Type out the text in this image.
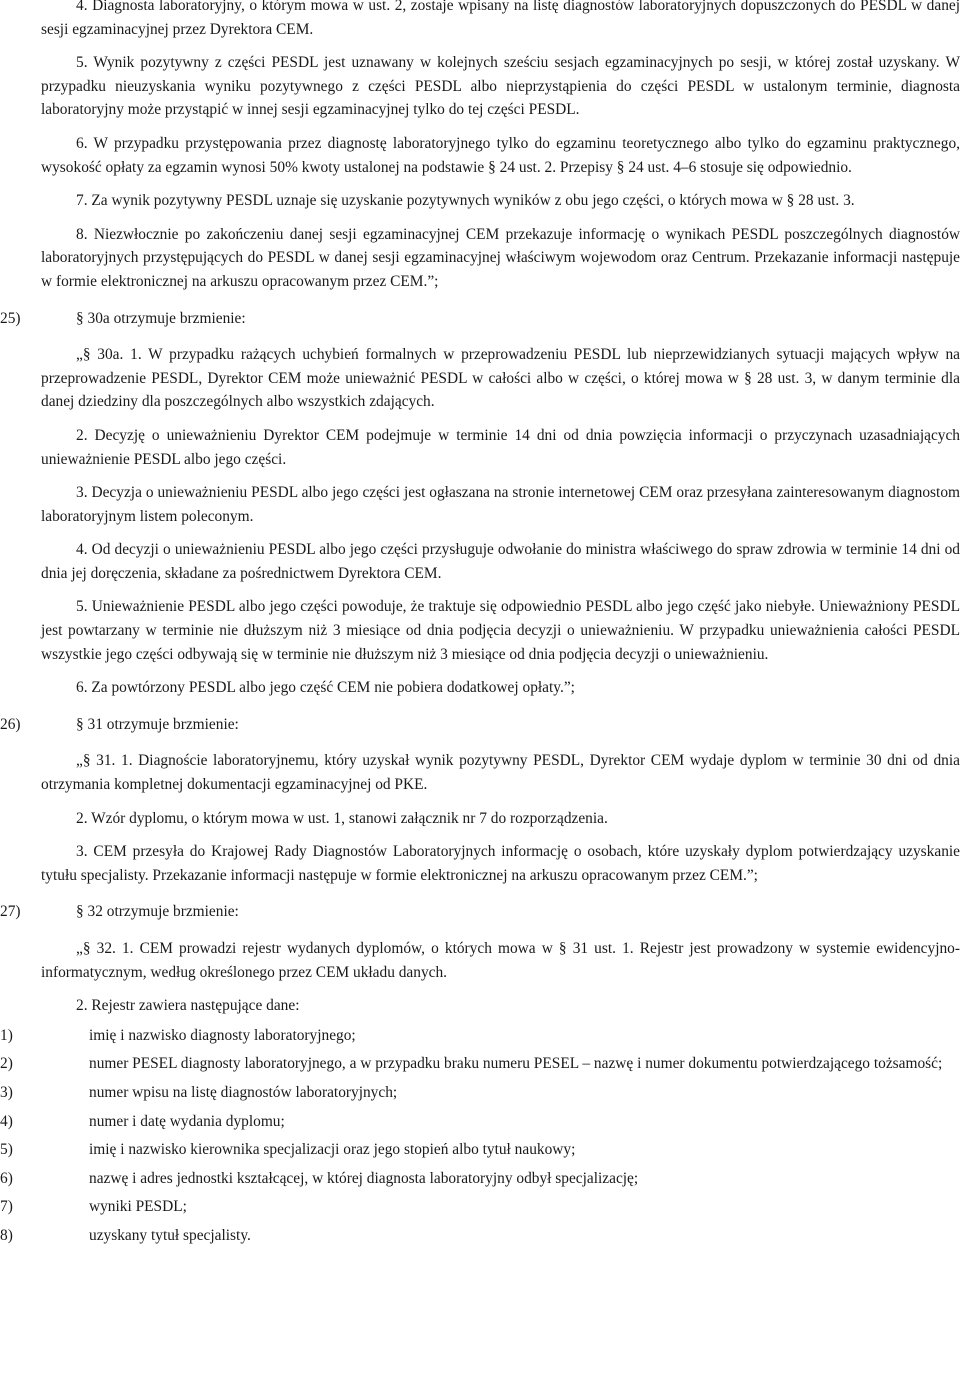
4. Diagnosta laboratoryjny, o którym mowa w ust. 2, zostaje wpisany na listę diagnostów laboratoryjnych dopuszczonych do PESDL w danej sesji egzaminacyjnej przez Dyrektora CEM.

5. Wynik pozytywny z części PESDL jest uznawany w kolejnych sześciu sesjach egzaminacyjnych po sesji, w której został uzyskany. W przypadku nieuzyskania wyniku pozytywnego z części PESDL albo nieprzystąpienia do części PESDL w ustalonym terminie, diagnosta laboratoryjny może przystąpić w innej sesji egzaminacyjnej tylko do tej części PESDL.

6. W przypadku przystępowania przez diagnostę laboratoryjnego tylko do egzaminu teoretycznego albo tylko do egzaminu praktycznego, wysokość opłaty za egzamin wynosi 50% kwoty ustalonej na podstawie § 24 ust. 2. Przepisy § 24 ust. 4–6 stosuje się odpowiednio.

7. Za wynik pozytywny PESDL uznaje się uzyskanie pozytywnych wyników z obu jego części, o których mowa w § 28 ust. 3.

8. Niezwłocznie po zakończeniu danej sesji egzaminacyjnej CEM przekazuje informację o wynikach PESDL poszczególnych diagnostów laboratoryjnych przystępujących do PESDL w danej sesji egzaminacyjnej właściwym wojewodom oraz Centrum. Przekazanie informacji następuje w formie elektronicznej na arkuszu opracowanym przez CEM.”;

25)	§ 30a otrzymuje brzmienie:

„§ 30a. 1. W przypadku rażących uchybień formalnych w przeprowadzeniu PESDL lub nieprzewidzianych sytuacji mających wpływ na przeprowadzenie PESDL, Dyrektor CEM może unieważnić PESDL w całości albo w części, o której mowa w § 28 ust. 3, w danym terminie dla danej dziedziny dla poszczególnych albo wszystkich zdających.

2. Decyzję o unieważnieniu Dyrektor CEM podejmuje w terminie 14 dni od dnia powzięcia informacji o przyczynach uzasadniających unieważnienie PESDL albo jego części.

3. Decyzja o unieważnieniu PESDL albo jego części jest ogłaszana na stronie internetowej CEM oraz przesyłana zainteresowanym diagnostom laboratoryjnym listem poleconym.

4. Od decyzji o unieważnieniu PESDL albo jego części przysługuje odwołanie do ministra właściwego do spraw zdrowia w terminie 14 dni od dnia jej doręczenia, składane za pośrednictwem Dyrektora CEM.

5. Unieważnienie PESDL albo jego części powoduje, że traktuje się odpowiednio PESDL albo jego część jako niebyłe. Unieważniony PESDL jest powtarzany w terminie nie dłuższym niż 3 miesiące od dnia podjęcia decyzji o unieważnieniu. W przypadku unieważnienia całości PESDL wszystkie jego części odbywają się w terminie nie dłuższym niż 3 miesiące od dnia podjęcia decyzji o unieważnieniu.

6. Za powtórzony PESDL albo jego część CEM nie pobiera dodatkowej opłaty.”;

26)	§ 31 otrzymuje brzmienie:

„§ 31. 1. Diagnoście laboratoryjnemu, który uzyskał wynik pozytywny PESDL, Dyrektor CEM wydaje dyplom w terminie 30 dni od dnia otrzymania kompletnej dokumentacji egzaminacyjnej od PKE.

2. Wzór dyplomu, o którym mowa w ust. 1, stanowi załącznik nr 7 do rozporządzenia.

3. CEM przesyła do Krajowej Rady Diagnostów Laboratoryjnych informację o osobach, które uzyskały dyplom potwierdzający uzyskanie tytułu specjalisty. Przekazanie informacji następuje w formie elektronicznej na arkuszu opracowanym przez CEM.”;

27)	§ 32 otrzymuje brzmienie:

„§ 32. 1. CEM prowadzi rejestr wydanych dyplomów, o których mowa w § 31 ust. 1. Rejestr jest prowadzony w systemie ewidencyjno-informatycznym, według określonego przez CEM układu danych.

2. Rejestr zawiera następujące dane:

1)	imię i nazwisko diagnosty laboratoryjnego;
2)	numer PESEL diagnosty laboratoryjnego, a w przypadku braku numeru PESEL – nazwę i numer dokumentu potwierdzającego tożsamość;
3)	numer wpisu na listę diagnostów laboratoryjnych;
4)	numer i datę wydania dyplomu;
5)	imię i nazwisko kierownika specjalizacji oraz jego stopień albo tytuł naukowy;
6)	nazwę i adres jednostki kształcącej, w której diagnosta laboratoryjny odbył specjalizację;
7)	wyniki PESDL;
8)	uzyskany tytuł specjalisty.
